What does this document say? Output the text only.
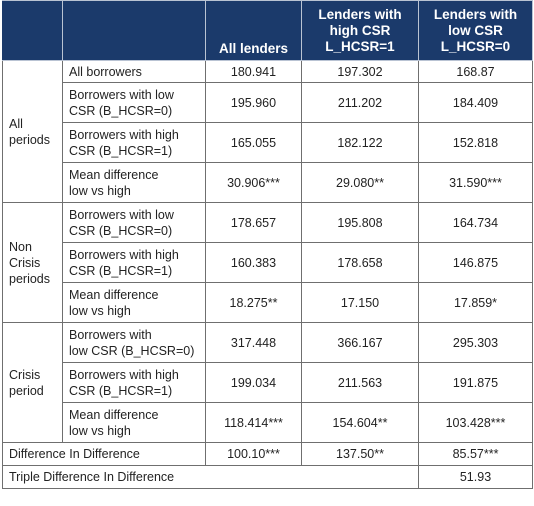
		All lenders	Lenders with
high CSR
L_HCSR=1	Lenders with
low CSR
L_HCSR=0
All
periods	All borrowers	180.941	197.302	168.87
	Borrowers with low
CSR (B_HCSR=0)	195.960	211.202	184.409
	Borrowers with high
CSR (B_HCSR=1)	165.055	182.122	152.818
	Mean difference
low vs high	30.906***	29.080**	31.590***
Non
Crisis
periods	Borrowers with low
CSR (B_HCSR=0)	178.657	195.808	164.734
	Borrowers with high
CSR (B_HCSR=1)	160.383	178.658	146.875
	Mean difference
low vs high	18.275**	17.150	17.859*
Crisis
period	Borrowers with
low CSR (B_HCSR=0)	317.448	366.167	295.303
	Borrowers with high
CSR (B_HCSR=1)	199.034	211.563	191.875
	Mean difference
low vs high	118.414***	154.604**	103.428***
Difference In Difference		100.10***	137.50**	85.57***
Triple Difference In Difference				51.93
